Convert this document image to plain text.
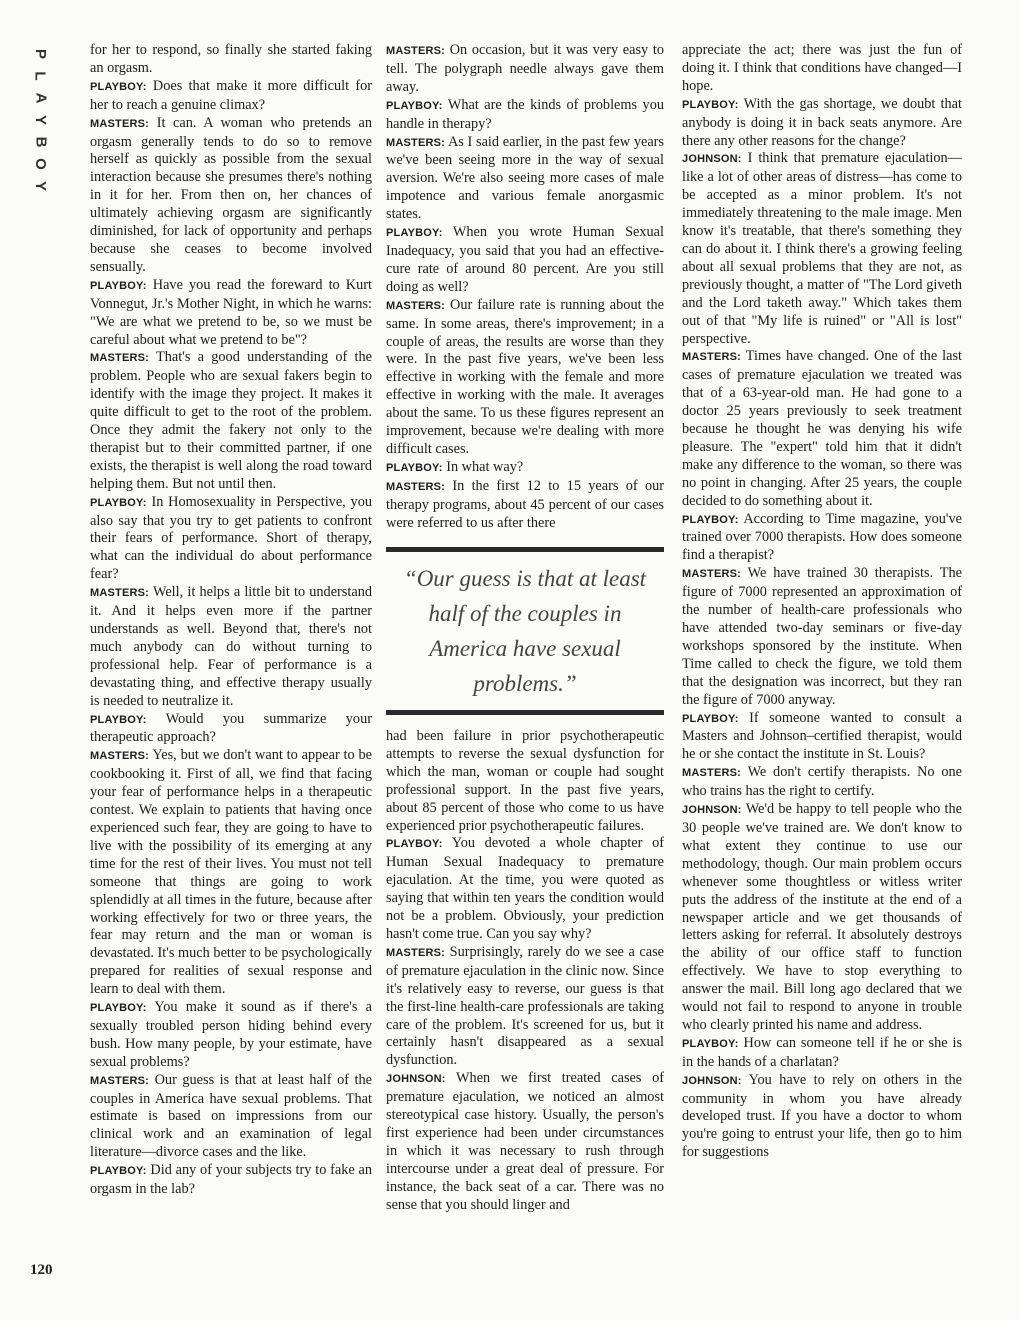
P
L
A
Y
B
O
Y
120

for her to respond, so finally she started faking an orgasm.

PLAYBOY: Does that make it more difficult for her to reach a genuine climax?

MASTERS: It can. A woman who pretends an orgasm generally tends to do so to remove herself as quickly as possible from the sexual interaction because she presumes there's nothing in it for her. From then on, her chances of ultimately achieving orgasm are significantly diminished, for lack of opportunity and perhaps because she ceases to become involved sensually.

PLAYBOY: Have you read the foreward to Kurt Vonnegut, Jr.'s Mother Night, in which he warns: "We are what we pretend to be, so we must be careful about what we pretend to be"?

MASTERS: That's a good understanding of the problem. People who are sexual fakers begin to identify with the image they project. It makes it quite difficult to get to the root of the problem. Once they admit the fakery not only to the therapist but to their committed partner, if one exists, the therapist is well along the road toward helping them. But not until then.

PLAYBOY: In Homosexuality in Perspective, you also say that you try to get patients to confront their fears of performance. Short of therapy, what can the individual do about performance fear?

MASTERS: Well, it helps a little bit to understand it. And it helps even more if the partner understands as well. Beyond that, there's not much anybody can do without turning to professional help. Fear of performance is a devastating thing, and effective therapy usually is needed to neutralize it.

PLAYBOY: Would you summarize your therapeutic approach?

MASTERS: Yes, but we don't want to appear to be cookbooking it. First of all, we find that facing your fear of performance helps in a therapeutic contest. We explain to patients that having once experienced such fear, they are going to have to live with the possibility of its emerging at any time for the rest of their lives. You must not tell someone that things are going to work splendidly at all times in the future, because after working effectively for two or three years, the fear may return and the man or woman is devastated. It's much better to be psychologically prepared for realities of sexual response and learn to deal with them.

PLAYBOY: You make it sound as if there's a sexually troubled person hiding behind every bush. How many people, by your estimate, have sexual problems?

MASTERS: Our guess is that at least half of the couples in America have sexual problems. That estimate is based on impressions from our clinical work and an examination of legal literature—divorce cases and the like.

PLAYBOY: Did any of your subjects try to fake an orgasm in the lab?

MASTERS: On occasion, but it was very easy to tell. The polygraph needle always gave them away.

PLAYBOY: What are the kinds of problems you handle in therapy?

MASTERS: As I said earlier, in the past few years we've been seeing more in the way of sexual aversion. We're also seeing more cases of male impotence and various female anorgasmic states.

PLAYBOY: When you wrote Human Sexual Inadequacy, you said that you had an effective-cure rate of around 80 percent. Are you still doing as well?

MASTERS: Our failure rate is running about the same. In some areas, there's improvement; in a couple of areas, the results are worse than they were. In the past five years, we've been less effective in working with the female and more effective in working with the male. It averages about the same. To us these figures represent an improvement, because we're dealing with more difficult cases.

PLAYBOY: In what way?

MASTERS: In the first 12 to 15 years of our therapy programs, about 45 percent of our cases were referred to us after there

“Our guess is that at least half of the couples in America have sexual problems.”

had been failure in prior psychotherapeutic attempts to reverse the sexual dysfunction for which the man, woman or couple had sought professional support. In the past five years, about 85 percent of those who come to us have experienced prior psychotherapeutic failures.

PLAYBOY: You devoted a whole chapter of Human Sexual Inadequacy to premature ejaculation. At the time, you were quoted as saying that within ten years the condition would not be a problem. Obviously, your prediction hasn't come true. Can you say why?

MASTERS: Surprisingly, rarely do we see a case of premature ejaculation in the clinic now. Since it's relatively easy to reverse, our guess is that the first-line health-care professionals are taking care of the problem. It's screened for us, but it certainly hasn't disappeared as a sexual dysfunction.

JOHNSON: When we first treated cases of premature ejaculation, we noticed an almost stereotypical case history. Usually, the person's first experience had been under circumstances in which it was necessary to rush through intercourse under a great deal of pressure. For instance, the back seat of a car. There was no sense that you should linger and

appreciate the act; there was just the fun of doing it. I think that conditions have changed—I hope.

PLAYBOY: With the gas shortage, we doubt that anybody is doing it in back seats anymore. Are there any other reasons for the change?

JOHNSON: I think that premature ejaculation—like a lot of other areas of distress—has come to be accepted as a minor problem. It's not immediately threatening to the male image. Men know it's treatable, that there's something they can do about it. I think there's a growing feeling about all sexual problems that they are not, as previously thought, a matter of "The Lord giveth and the Lord taketh away." Which takes them out of that "My life is ruined" or "All is lost" perspective.

MASTERS: Times have changed. One of the last cases of premature ejaculation we treated was that of a 63-year-old man. He had gone to a doctor 25 years previously to seek treatment because he thought he was denying his wife pleasure. The "expert" told him that it didn't make any difference to the woman, so there was no point in changing. After 25 years, the couple decided to do something about it.

PLAYBOY: According to Time magazine, you've trained over 7000 therapists. How does someone find a therapist?

MASTERS: We have trained 30 therapists. The figure of 7000 represented an approximation of the number of health-care professionals who have attended two-day seminars or five-day workshops sponsored by the institute. When Time called to check the figure, we told them that the designation was incorrect, but they ran the figure of 7000 anyway.

PLAYBOY: If someone wanted to consult a Masters and Johnson–certified therapist, would he or she contact the institute in St. Louis?

MASTERS: We don't certify therapists. No one who trains has the right to certify.

JOHNSON: We'd be happy to tell people who the 30 people we've trained are. We don't know to what extent they continue to use our methodology, though. Our main problem occurs whenever some thoughtless or witless writer puts the address of the institute at the end of a newspaper article and we get thousands of letters asking for referral. It absolutely destroys the ability of our office staff to function effectively. We have to stop everything to answer the mail. Bill long ago declared that we would not fail to respond to anyone in trouble who clearly printed his name and address.

PLAYBOY: How can someone tell if he or she is in the hands of a charlatan?

JOHNSON: You have to rely on others in the community in whom you have already developed trust. If you have a doctor to whom you're going to entrust your life, then go to him for suggestions
